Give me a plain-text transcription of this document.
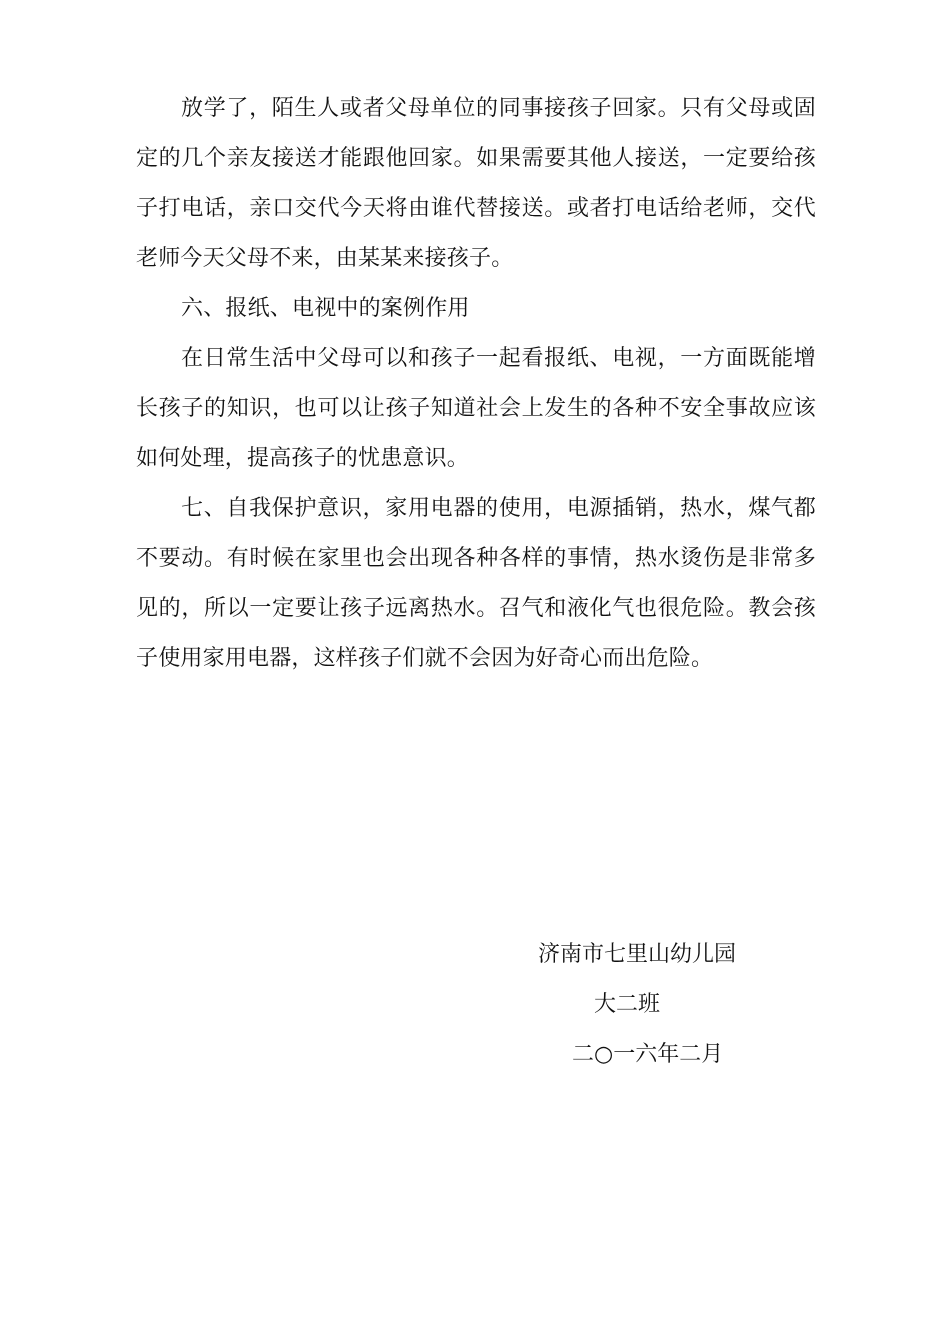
放学了，陌生人或者父母单位的同事接孩子回家。只有父母或固定的几个亲友接送才能跟他回家。如果需要其他人接送，一定要给孩子打电话，亲口交代今天将由谁代替接送。或者打电话给老师，交代老师今天父母不来，由某某来接孩子。

六、报纸、电视中的案例作用

在日常生活中父母可以和孩子一起看报纸、电视，一方面既能增长孩子的知识，也可以让孩子知道社会上发生的各种不安全事故应该如何处理，提高孩子的忧患意识。

七、自我保护意识，家用电器的使用，电源插销，热水，煤气都不要动。有时候在家里也会出现各种各样的事情，热水烫伤是非常多见的，所以一定要让孩子远离热水。召气和液化气也很危险。教会孩子使用家用电器，这样孩子们就不会因为好奇心而出危险。

济南市七里山幼儿园
大二班
二○一六年二月
